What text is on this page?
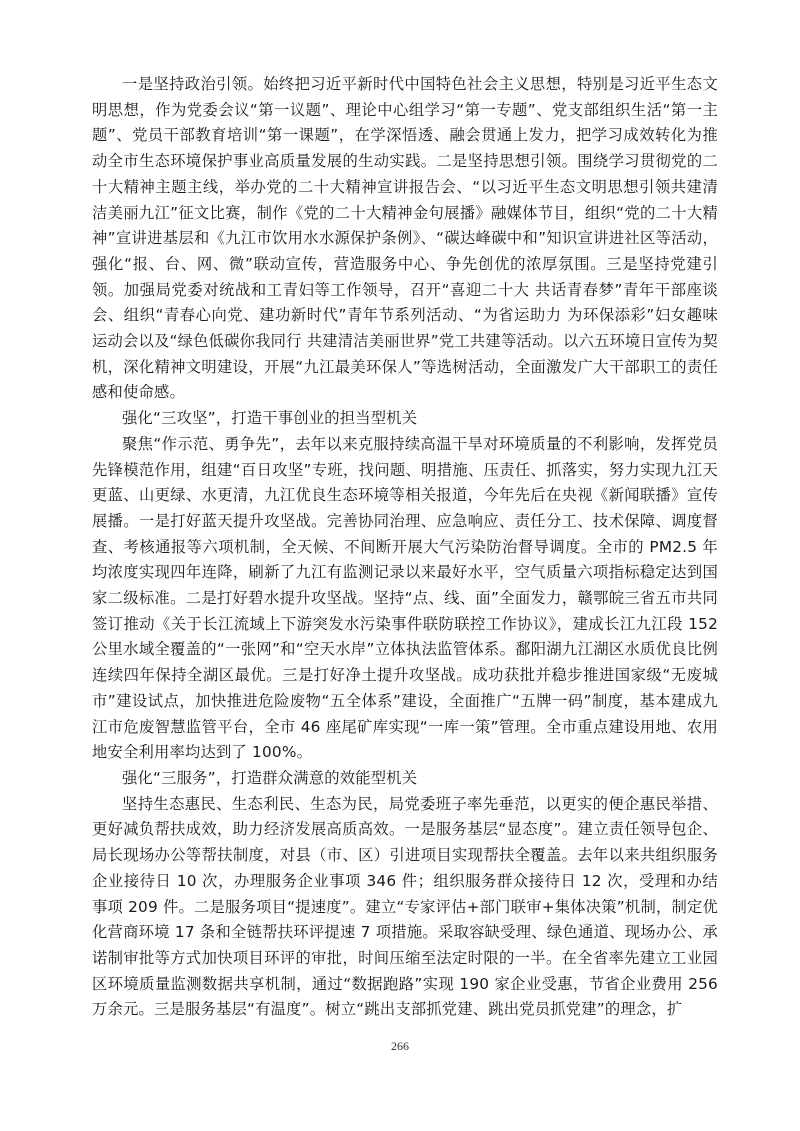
一是坚持政治引领。始终把习近平新时代中国特色社会主义思想，特别是习近平生态文明思想，作为党委会议“第一议题”、理论中心组学习“第一专题”、党支部组织生活“第一主题”、党员干部教育培训“第一课题”，在学深悟透、融会贯通上发力，把学习成效转化为推动全市生态环境保护事业高质量发展的生动实践。二是坚持思想引领。围绕学习贯彻党的二十大精神主题主线，举办党的二十大精神宣讲报告会、“以习近平生态文明思想引领共建清洁美丽九江”征文比赛，制作《党的二十大精神金句展播》融媒体节目，组织“党的二十大精神”宣讲进基层和《九江市饮用水水源保护条例》、“碳达峰碳中和”知识宣讲进社区等活动，强化“报、台、网、微”联动宣传，营造服务中心、争先创优的浓厚氛围。三是坚持党建引领。加强局党委对统战和工青妇等工作领导，召开“喜迎二十大 共话青春梦”青年干部座谈会、组织“青春心向党、建功新时代”青年节系列活动、“为省运助力 为环保添彩”妇女趣味运动会以及“绿色低碳你我同行 共建清洁美丽世界”党工共建等活动。以六五环境日宣传为契机，深化精神文明建设，开展“九江最美环保人”等选树活动，全面激发广大干部职工的责任感和使命感。

强化“三攻坚”，打造干事创业的担当型机关

聚焦“作示范、勇争先”，去年以来克服持续高温干旱对环境质量的不利影响，发挥党员先锋模范作用，组建“百日攻坚”专班，找问题、明措施、压责任、抓落实，努力实现九江天更蓝、山更绿、水更清，九江优良生态环境等相关报道，今年先后在央视《新闻联播》宣传展播。一是打好蓝天提升攻坚战。完善协同治理、应急响应、责任分工、技术保障、调度督查、考核通报等六项机制，全天候、不间断开展大气污染防治督导调度。全市的 PM2.5 年均浓度实现四年连降，刷新了九江有监测记录以来最好水平，空气质量六项指标稳定达到国家二级标准。二是打好碧水提升攻坚战。坚持“点、线、面”全面发力，赣鄂皖三省五市共同签订推动《关于长江流域上下游突发水污染事件联防联控工作协议》，建成长江九江段 152 公里水域全覆盖的“一张网”和“空天水岸”立体执法监管体系。鄱阳湖九江湖区水质优良比例连续四年保持全湖区最优。三是打好净土提升攻坚战。成功获批并稳步推进国家级“无废城市”建设试点，加快推进危险废物“五全体系”建设，全面推广“五牌一码”制度，基本建成九江市危废智慧监管平台，全市 46 座尾矿库实现“一库一策”管理。全市重点建设用地、农用地安全利用率均达到了 100%。

强化“三服务”，打造群众满意的效能型机关

坚持生态惠民、生态利民、生态为民，局党委班子率先垂范，以更实的便企惠民举措、更好减负帮扶成效，助力经济发展高质高效。一是服务基层“显态度”。建立责任领导包企、局长现场办公等帮扶制度，对县（市、区）引进项目实现帮扶全覆盖。去年以来共组织服务企业接待日 10 次，办理服务企业事项 346 件；组织服务群众接待日 12 次，受理和办结事项 209 件。二是服务项目“提速度”。建立“专家评估+部门联审+集体决策”机制，制定优化营商环境 17 条和全链帮扶环评提速 7 项措施。采取容缺受理、绿色通道、现场办公、承诺制审批等方式加快项目环评的审批，时间压缩至法定时限的一半。在全省率先建立工业园区环境质量监测数据共享机制，通过“数据跑路”实现 190 家企业受惠，节省企业费用 256 万余元。三是服务基层“有温度”。树立“跳出支部抓党建、跳出党员抓党建”的理念，扩

266
